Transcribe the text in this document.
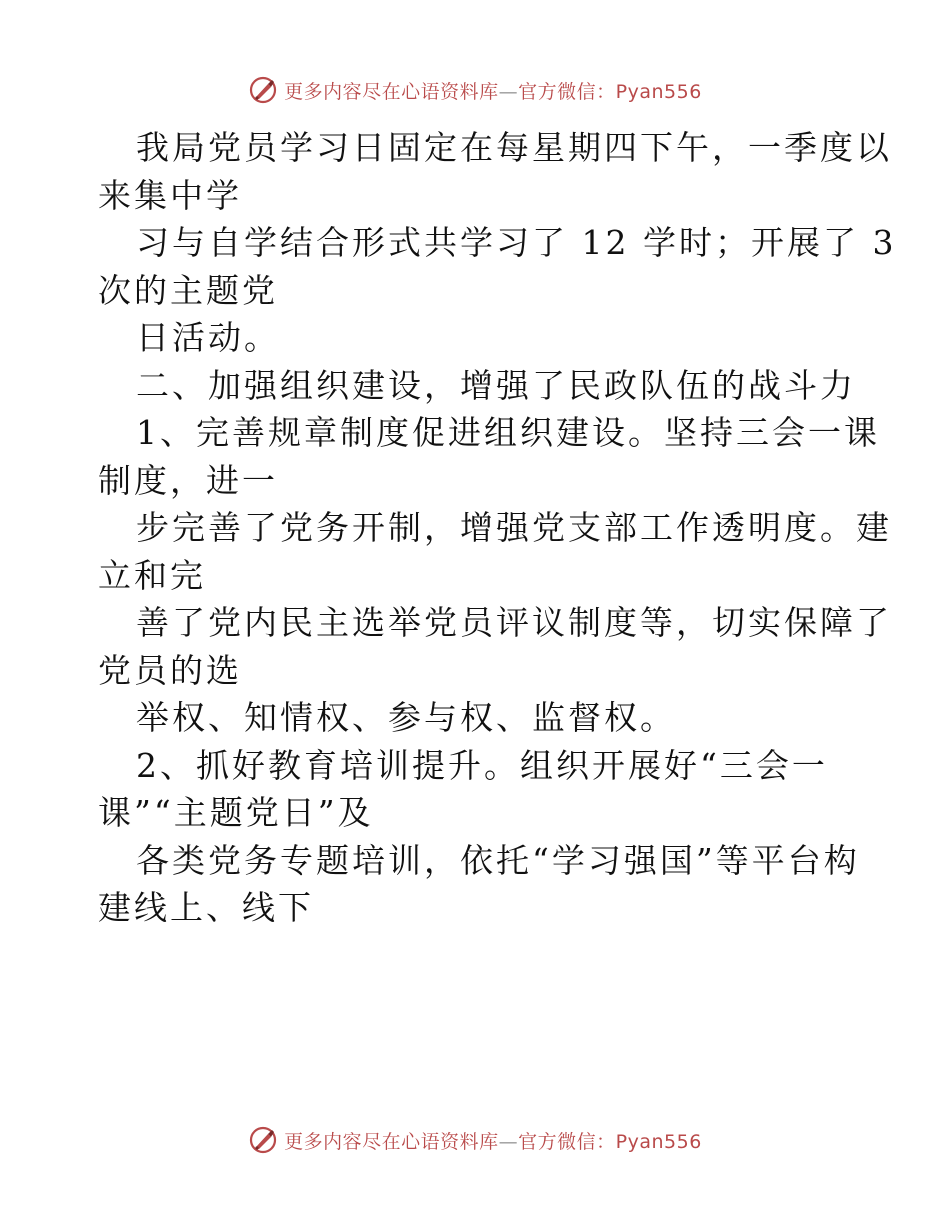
更多内容尽在心语资料库—官方微信：Pyan556
我局党员学习日固定在每星期四下午，一季度以
来集中学
习与自学结合形式共学习了 12 学时；开展了 3
次的主题党
日活动。
二、加强组织建设，增强了民政队伍的战斗力
1、完善规章制度促进组织建设。坚持三会一课
制度，进一
步完善了党务开制，增强党支部工作透明度。建
立和完
善了党内民主选举党员评议制度等，切实保障了
党员的选
举权、知情权、参与权、监督权。
2、抓好教育培训提升。组织开展好“三会一
课”“主题党日”及
各类党务专题培训，依托“学习强国”等平台构
建线上、线下
更多内容尽在心语资料库—官方微信：Pyan556
